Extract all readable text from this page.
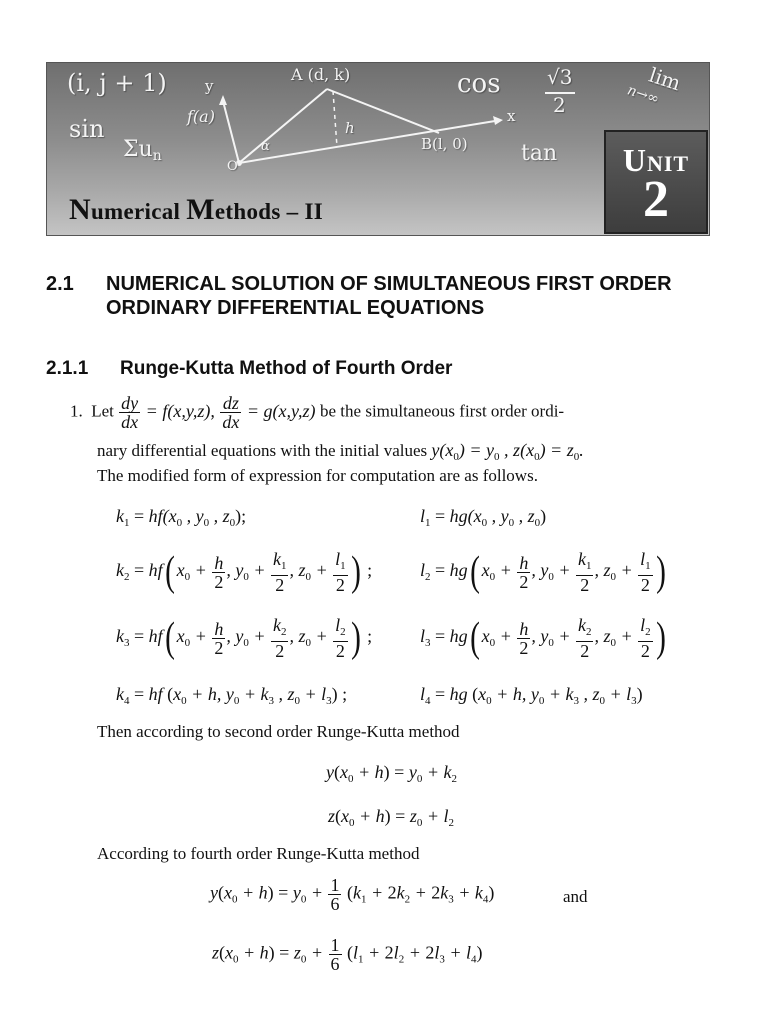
(i, j + 1)
sin
$\Sigma u_n$
f(a)
y
A (d, k)
h
α
O
B(l, 0)
x
cos √3
2
lim
n→∞
tan
Numerical Methods – II
UNIT
2
2.1 NUMERICAL SOLUTION OF SIMULTANEOUS FIRST ORDER ORDINARY DIFFERENTIAL EQUATIONS
2.1.1 Runge-Kutta Method of Fourth Order
1. Let $\frac{dy}{dx} = f(x,y,z)$, $\frac{dz}{dx} = g(x,y,z)$ be the simultaneous first order ordi-
nary differential equations with the initial values $y(x_0) = y_0$ , $z(x_0) = z_0$.
The modified form of expression for computation are as follows.
$k_1 = hf(x_0$ , $y_0$ , $z_0$);	$l_1 = hg(x_0$ , $y_0$ , $z_0$)
$k_2 = hf$( $x_0 + \frac{h}{2}$ , $y_0 + \frac{k_1}{2}$ , $z_0 + \frac{l_1}{2}$ ) ;	$l_2 = hg$( $x_0 + \frac{h}{2}$ , $y_0 + \frac{k_1}{2}$ , $z_0 + \frac{l_1}{2}$ )
$k_3 = hf$( $x_0 + \frac{h}{2}$ , $y_0 + \frac{k_2}{2}$ , $z_0 + \frac{l_2}{2}$ ) ;	$l_3 = hg$( $x_0 + \frac{h}{2}$ , $y_0 + \frac{k_2}{2}$ , $z_0 + \frac{l_2}{2}$ )
$k_4$ = hf ($x_0 + h$, $y_0 + k_3$ , $z_0 + l_3$) ;	$l_4$ = hg ($x_0 + h$, $y_0 + k_3$ , $z_0 + l_3$)
Then according to second order Runge-Kutta method
$y(x_0 + h) = y_0 + k_2$
$z(x_0 + h) = z_0 + l_2$
According to fourth order Runge-Kutta method
$y(x_0 + h) = y_0 + \frac{1}{6} (k_1 + 2k_2 + 2k_3 + k_4)$	and
$z(x_0 + h) = z_0 + \frac{1}{6} (l_1 + 2l_2 + 2l_3 + l_4)$
